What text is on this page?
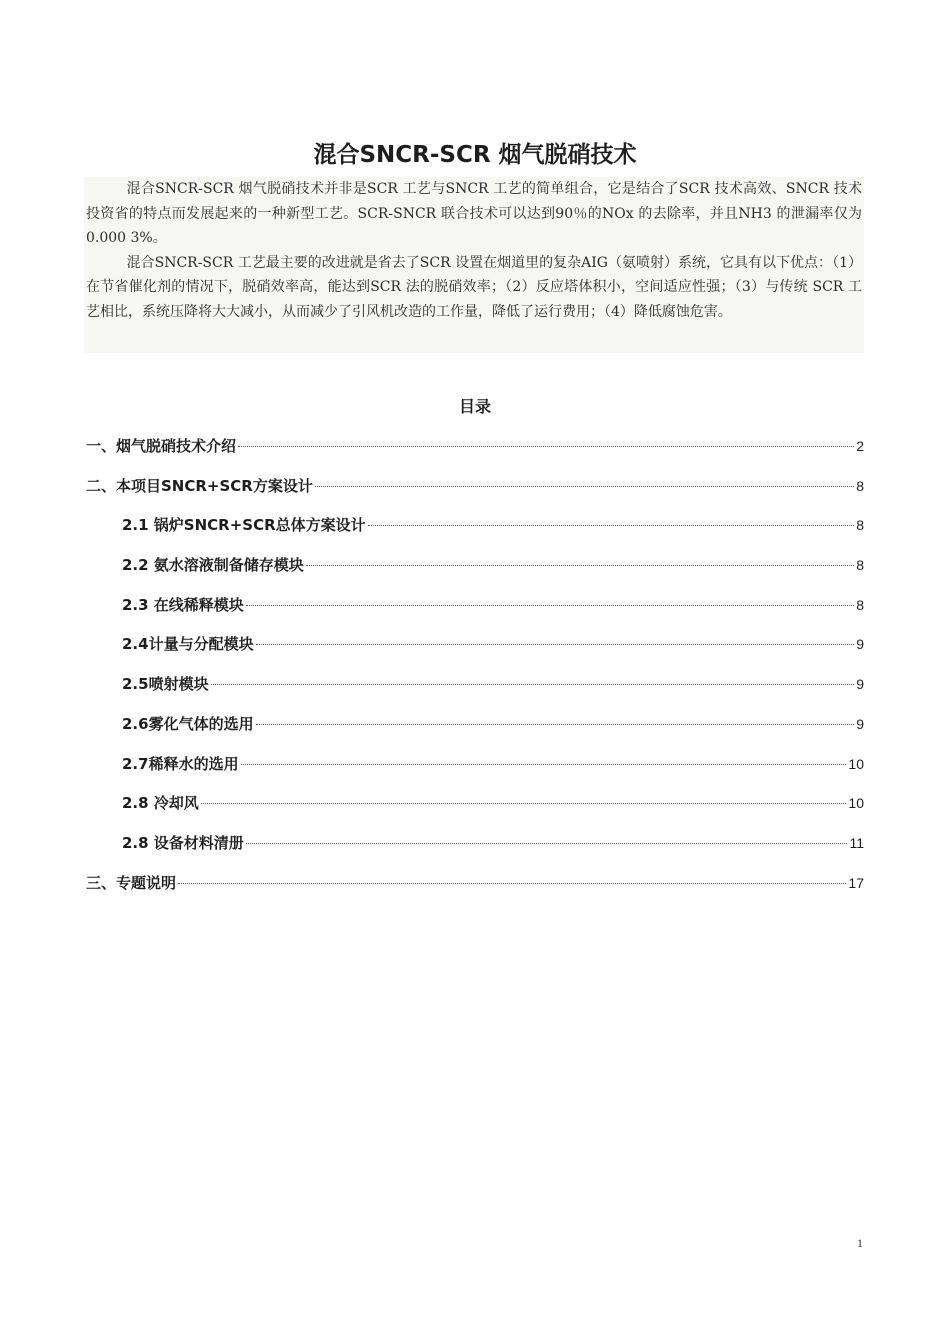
混合SNCR-SCR 烟气脱硝技术

混合SNCR-SCR 烟气脱硝技术并非是SCR 工艺与SNCR 工艺的简单组合，它是结合了SCR 技术高效、SNCR 技术投资省的特点而发展起来的一种新型工艺。SCR-SNCR 联合技术可以达到90％的NOx 的去除率，并且NH3 的泄漏率仅为0.000 3%。

混合SNCR-SCR 工艺最主要的改进就是省去了SCR 设置在烟道里的复杂AIG（氨喷射）系统，它具有以下优点：（1）在节省催化剂的情况下，脱硝效率高，能达到SCR 法的脱硝效率；（2）反应塔体积小，空间适应性强；（3）与传统 SCR 工艺相比，系统压降将大大减小，从而减少了引风机改造的工作量，降低了运行费用；（4）降低腐蚀危害。

目录
一、烟气脱硝技术介绍	2
二、本项目SNCR+SCR方案设计	8
2.1 锅炉SNCR+SCR总体方案设计	8
2.2 氨水溶液制备储存模块	8
2.3 在线稀释模块	8
2.4计量与分配模块	9
2.5喷射模块	9
2.6雾化气体的选用	9
2.7稀释水的选用	10
2.8 冷却风	10
2.8 设备材料清册	11
三、专题说明	17
1
